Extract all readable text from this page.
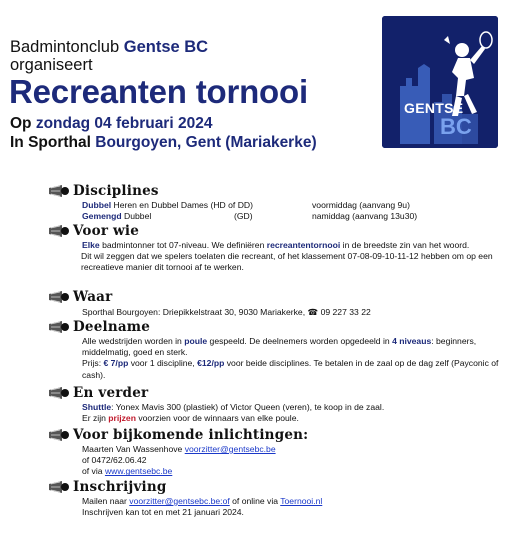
Badmintonclub Gentse BC
organiseert
Recreanten tornooi
Op zondag 04 februari 2024
In Sporthal Bourgoyen, Gent (Mariakerke)
GENTSE
BC
Disciplines
Dubbel Heren en Dubbel Dames (HD of DD)	voormiddag (aanvang 9u)
Gemengd Dubbel	(GD)	namiddag (aanvang 13u30)
Voor wie
Elke badmintonner tot 07-niveau. We definiëren recreantentornooi in de breedste zin van het woord.
Dit wil zeggen dat we spelers toelaten die recreant, of het klassement 07-08-09-10-11-12 hebben om op een recreatieve manier dit tornooi af te werken.
Waar
Sporthal Bourgoyen: Driepikkelstraat 30, 9030 Mariakerke, ☎ 09 227 33 22
Deelname
Alle wedstrijden worden in poule gespeeld. De deelnemers worden opgedeeld in 4 niveaus: beginners, middelmatig, goed en sterk.
Prijs: € 7/pp voor 1 discipline, €12/pp voor beide disciplines. Te betalen in de zaal op de dag zelf (Payconic of cash).
En verder
Shuttle: Yonex Mavis 300 (plastiek) of Victor Queen (veren), te koop in de zaal.
Er zijn prijzen voorzien voor de winnaars van elke poule.
Voor bijkomende inlichtingen:
Maarten Van Wassenhove voorzitter@gentsebc.be
of 0472/62.06.42
of via www.gentsebc.be
Inschrijving
Mailen naar voorzitter@gentsebc.be:of of online via Toernooi.nl
Inschrijven kan tot en met 21 januari 2024.
